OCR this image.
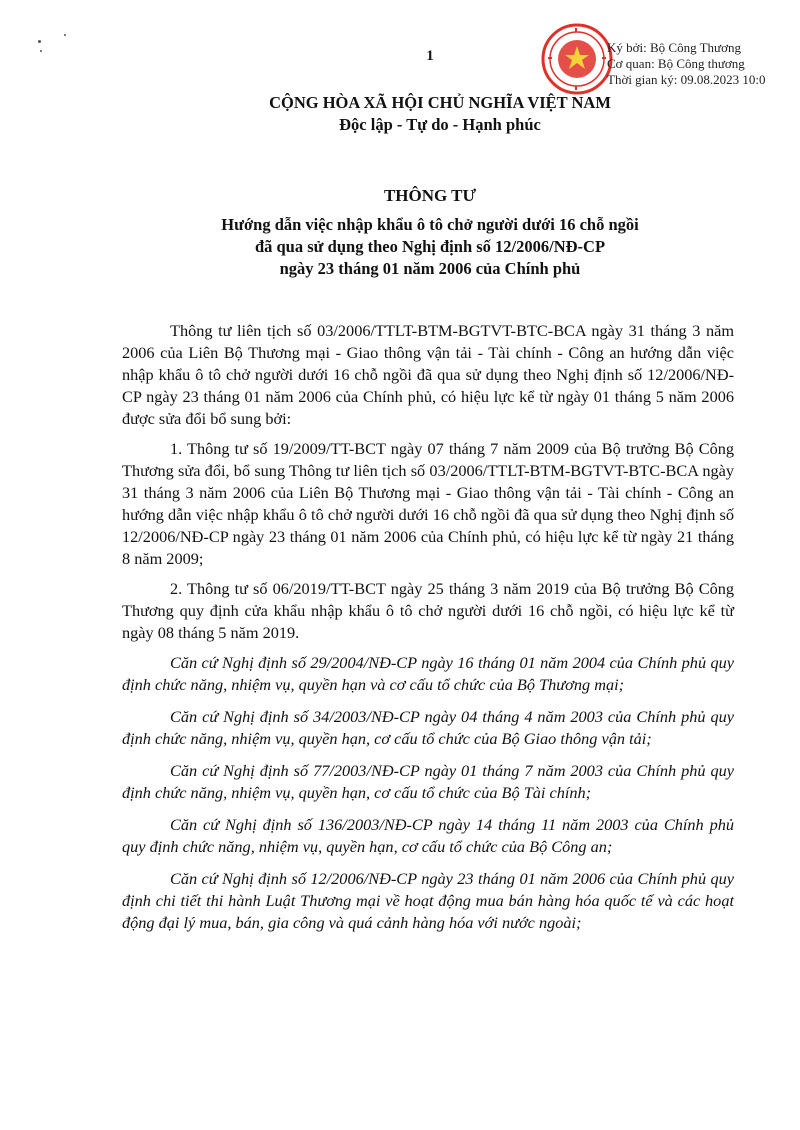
1
Ký bởi: Bộ Công Thương
Cơ quan: Bộ Công thương
Thời gian ký: 09.08.2023 10:0
CỘNG HÒA XÃ HỘI CHỦ NGHĨA VIỆT NAM
Độc lập - Tự do - Hạnh phúc
THÔNG TƯ
Hướng dẫn việc nhập khẩu ô tô chở người dưới 16 chỗ ngồi
đã qua sử dụng theo Nghị định số 12/2006/NĐ-CP
ngày 23 tháng 01 năm 2006 của Chính phủ

Thông tư liên tịch số 03/2006/TTLT-BTM-BGTVT-BTC-BCA ngày 31 tháng 3 năm 2006 của Liên Bộ Thương mại - Giao thông vận tải - Tài chính - Công an hướng dẫn việc nhập khẩu ô tô chở người dưới 16 chỗ ngồi đã qua sử dụng theo Nghị định số 12/2006/NĐ-CP ngày 23 tháng 01 năm 2006 của Chính phủ, có hiệu lực kể từ ngày 01 tháng 5 năm 2006 được sửa đổi bổ sung bởi:

1. Thông tư số 19/2009/TT-BCT ngày 07 tháng 7 năm 2009 của Bộ trưởng Bộ Công Thương sửa đổi, bổ sung Thông tư liên tịch số 03/2006/TTLT-BTM-BGTVT-BTC-BCA ngày 31 tháng 3 năm 2006 của Liên Bộ Thương mại - Giao thông vận tải - Tài chính - Công an hướng dẫn việc nhập khẩu ô tô chở người dưới 16 chỗ ngồi đã qua sử dụng theo Nghị định số 12/2006/NĐ-CP ngày 23 tháng 01 năm 2006 của Chính phủ, có hiệu lực kể từ ngày 21 tháng 8 năm 2009;

2. Thông tư số 06/2019/TT-BCT ngày 25 tháng 3 năm 2019 của Bộ trưởng Bộ Công Thương quy định cửa khẩu nhập khẩu ô tô chở người dưới 16 chỗ ngồi, có hiệu lực kể từ ngày 08 tháng 5 năm 2019.

Căn cứ Nghị định số 29/2004/NĐ-CP ngày 16 tháng 01 năm 2004 của Chính phủ quy định chức năng, nhiệm vụ, quyền hạn và cơ cấu tổ chức của Bộ Thương mại;

Căn cứ Nghị định số 34/2003/NĐ-CP ngày 04 tháng 4 năm 2003 của Chính phủ quy định chức năng, nhiệm vụ, quyền hạn, cơ cấu tổ chức của Bộ Giao thông vận tải;

Căn cứ Nghị định số 77/2003/NĐ-CP ngày 01 tháng 7 năm 2003 của Chính phủ quy định chức năng, nhiệm vụ, quyền hạn, cơ cấu tổ chức của Bộ Tài chính;

Căn cứ Nghị định số 136/2003/NĐ-CP ngày 14 tháng 11 năm 2003 của Chính phủ quy định chức năng, nhiệm vụ, quyền hạn, cơ cấu tổ chức của Bộ Công an;

Căn cứ Nghị định số 12/2006/NĐ-CP ngày 23 tháng 01 năm 2006 của Chính phủ quy định chi tiết thi hành Luật Thương mại về hoạt động mua bán hàng hóa quốc tế và các hoạt động đại lý mua, bán, gia công và quá cảnh hàng hóa với nước ngoài;
